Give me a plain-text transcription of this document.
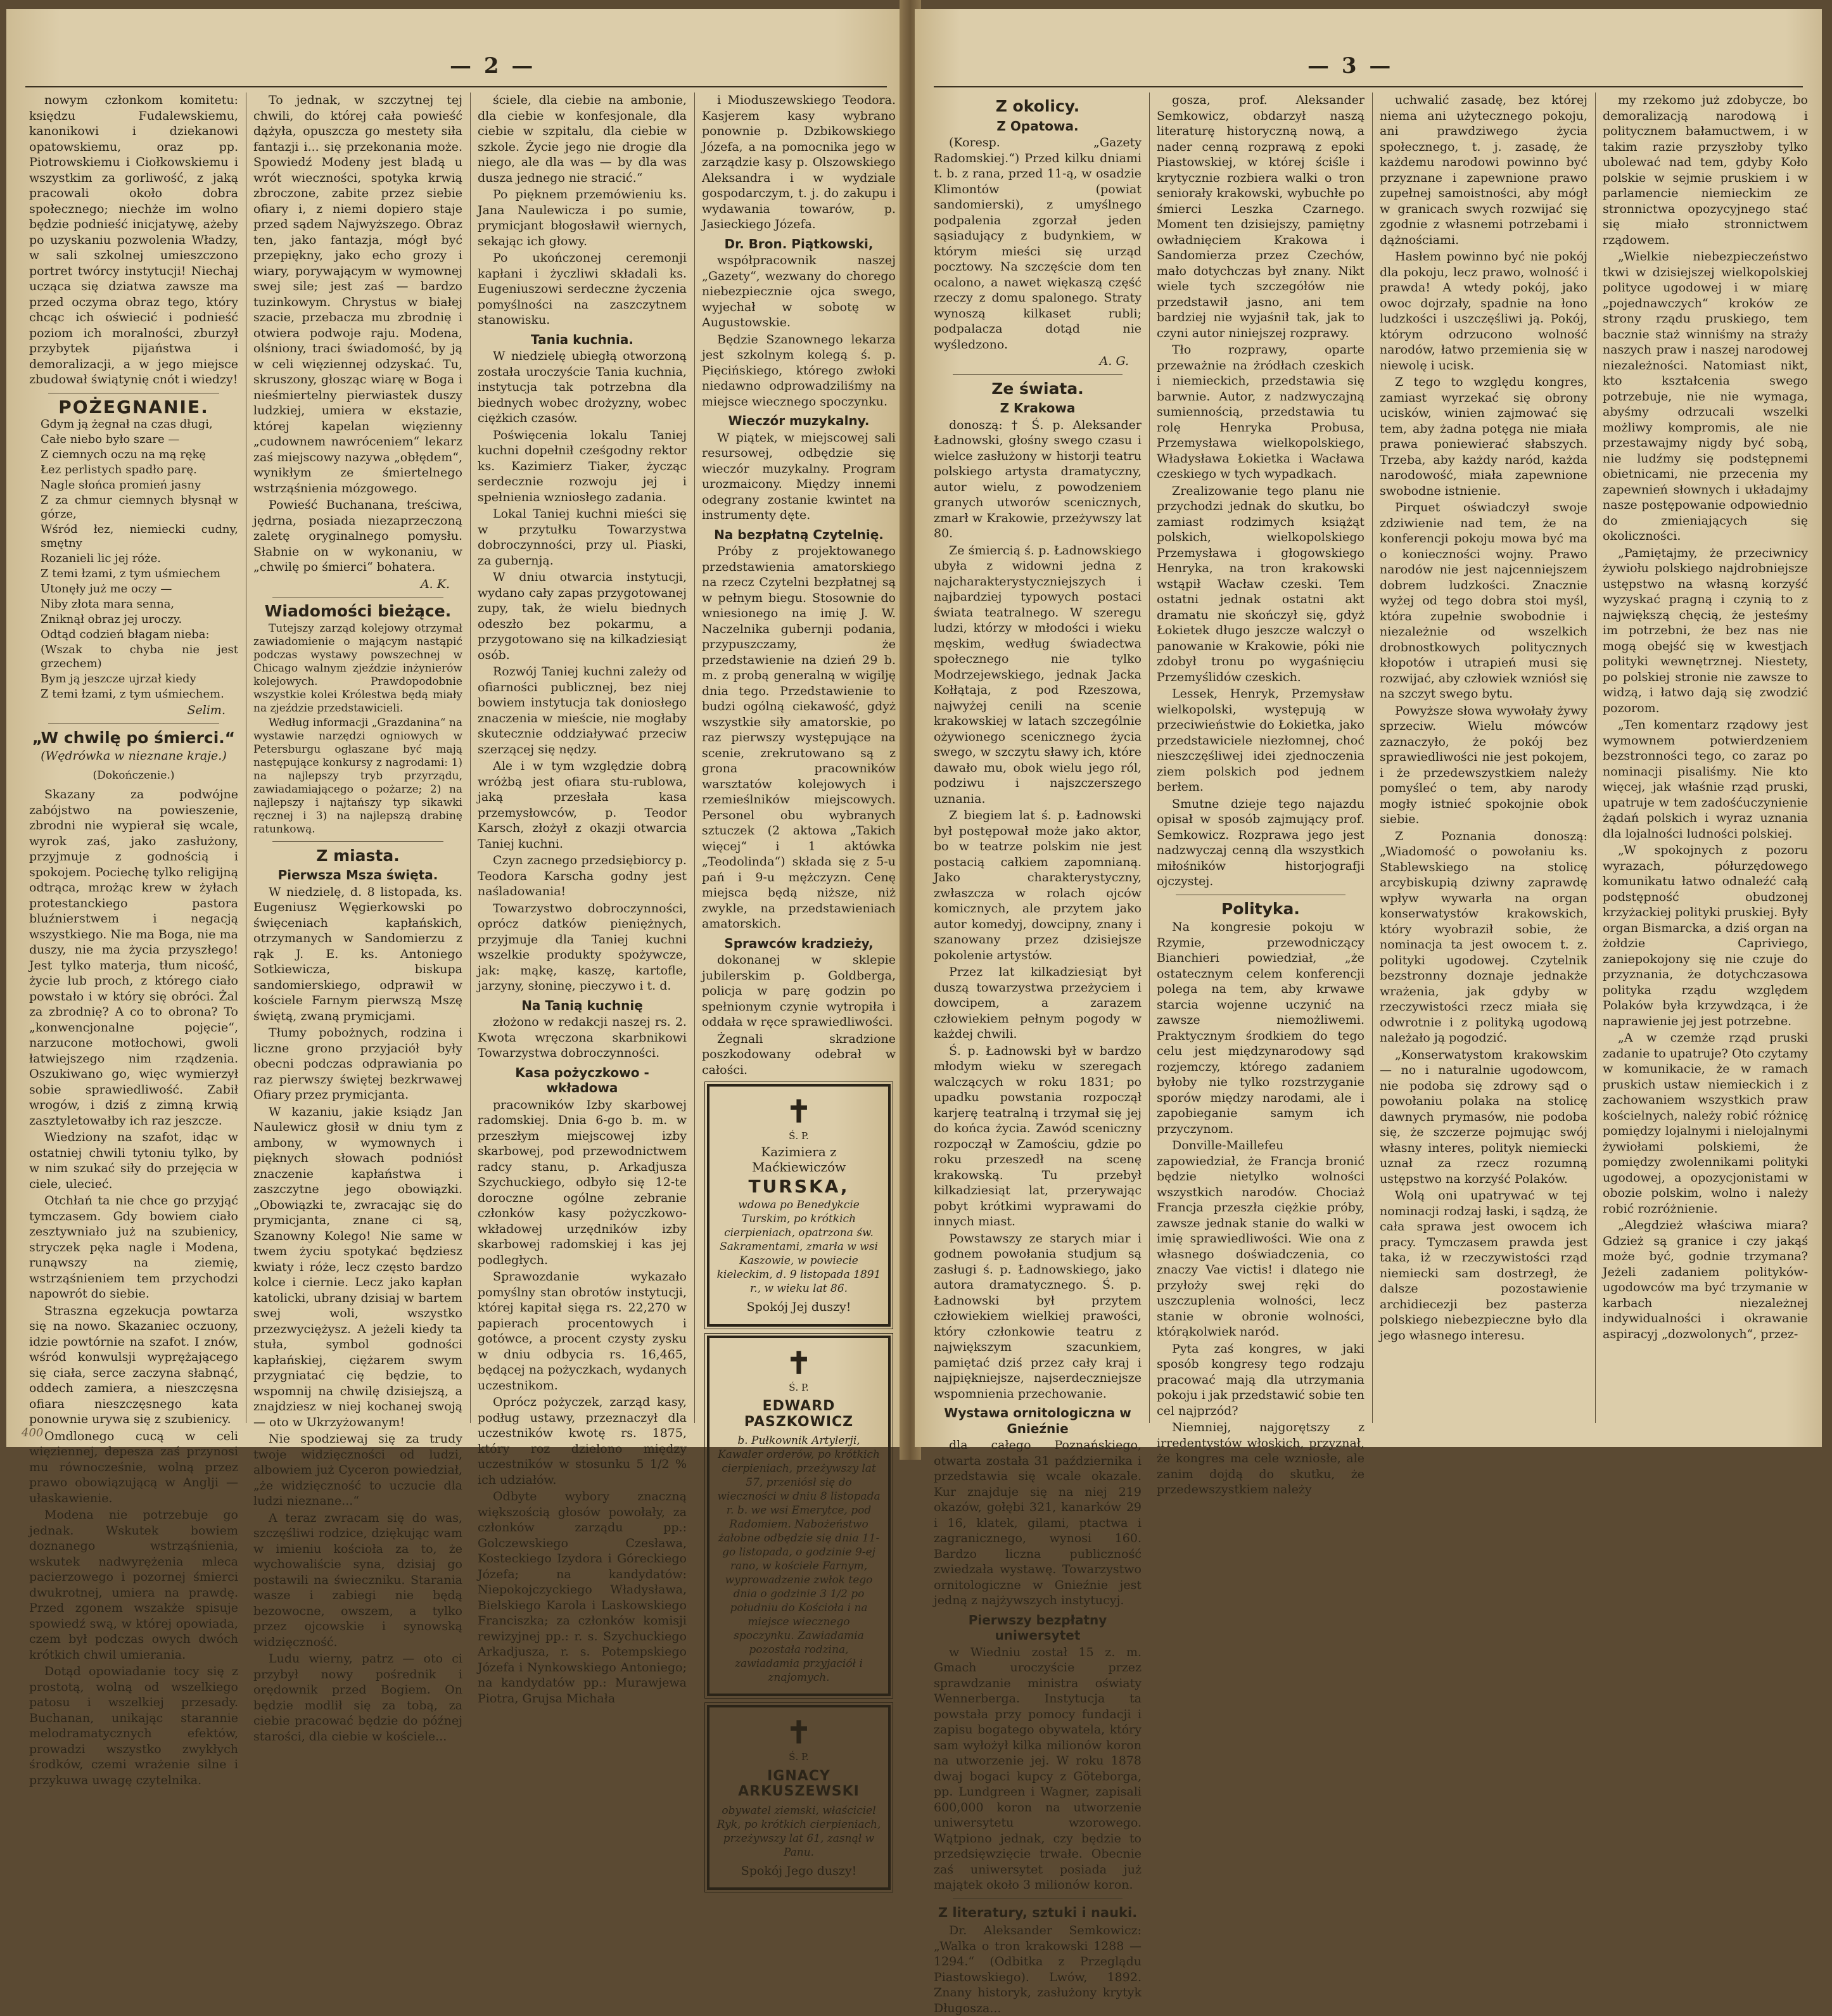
— 2 —

nowym członkom komitetu: księdzu Fudalewskiemu, kanonikowi i dziekanowi opatowskiemu, oraz pp. Piotrowskiemu i Ciołkowskiemu i wszystkim za gorliwość, z jaką pracowali około dobra społecznego; niechże im wolno będzie podnieść inicjatywę, ażeby po uzyskaniu pozwolenia Władzy, w sali szkolnej umieszczono portret twórcy instytucji! Niechaj ucząca się dziatwa zawsze ma przed oczyma obraz tego, który chcąc ich oświecić i podnieść poziom ich moralności, zburzył przybytek pijaństwa i demoralizacji, a w jego miejsce zbudował świątynię cnót i wiedzy!

POŻEGNANIE.

Gdym ją żegnał na czas długi,

Całe niebo było szare —

Z ciemnych oczu na mą rękę

Łez perlistych spadło parę.

Nagle słońca promień jasny

Z za chmur ciemnych błysnął w górze,

Wśród łez, niemiecki cudny, smętny

Rozanieli lic jej róże.

Z temi łzami, z tym uśmiechem

Utonęły już me oczy —

Niby złota mara senna,

Zniknął obraz jej uroczy.

Odtąd codzień błagam nieba:

(Wszak to chyba nie jest grzechem)

Bym ją jeszcze ujrzał kiedy

Z temi łzami, z tym uśmiechem.

Selim.
„W chwilę po śmierci.“
(Wędrówka w nieznane kraje.)
(Dokończenie.)

Skazany za podwójne zabójstwo na powieszenie, zbrodni nie wypierał się wcale, wyrok zaś, jako zasłużony, przyjmuje z godnością i spokojem. Pociechę tylko religijną odtrąca, mrożąc krew w żyłach protestanckiego pastora bluźnierstwem i negacją wszystkiego. Nie ma Boga, nie ma duszy, nie ma życia przyszłego! Jest tylko materja, tłum nicość, życie lub proch, z którego ciało powstało i w który się obróci. Żal za zbrodnię? A co to obrona? To „konwencjonalne pojęcie“, narzucone motłochowi, gwoli łatwiejszego nim rządzenia. Oszukiwano go, więc wymierzył sobie sprawiedliwość. Zabił wrogów, i dziś z zimną krwią zasztyletowałby ich raz jeszcze.

Wiedziony na szafot, idąc w ostatniej chwili tytoniu tylko, by w nim szukać siły do przejęcia w ciele, ulecieć.

Otchłań ta nie chce go przyjąć tymczasem. Gdy bowiem ciało zesztywniało już na szubienicy, stryczek pęka nagle i Modena, runąwszy na ziemię, wstrząśnieniem tem przychodzi napowrót do siebie.

Straszna egzekucja powtarza się na nowo. Skazaniec oczuony, idzie powtórnie na szafot. I znów, wśród konwulsji wyprężającego się ciała, serce zaczyna słabnąć, oddech zamiera, a nieszczęsna ofiara nieszczęsnego kata ponownie urywa się z szubienicy.

Omdlonego cucą w celi więziennej, depesza zaś przynosi mu równocześnie, wolną przez prawo obowiązującą w Anglji — ułaskawienie.

Modena nie potrzebuje go jednak. Wskutek bowiem doznanego wstrząśnienia, wskutek nadwyrężenia mleca pacierzowego i pozornej śmierci dwukrotnej, umiera na prawdę. Przed zgonem wszakże spisuje spowiedź swą, w której opowiada, czem był podczas owych dwóch krótkich chwil umierania.

Dotąd opowiadanie tocy się z prostotą, wolną od wszelkiego patosu i wszelkiej przesady. Buchanan, unikając starannie melodramatycznych efektów, prowadzi wszystko zwykłych środków, czemi wrażenie silne i przykuwa uwagę czytelnika.

To jednak, w szczytnej tej chwili, do której cała powieść dążyła, opuszcza go mestety siła fantazji i... się przekonania może. Spowiedź Modeny jest bladą u wrót wieczności, spotyka krwią zbroczone, zabite przez siebie ofiary i, z niemi dopiero staje przed sądem Najwyższego. Obraz ten, jako fantazja, mógł być przepiękny, jako echo grozy i wiary, porywającym w wymownej swej sile; jest zaś — bardzo tuzinkowym. Chrystus w białej szacie, przebacza mu zbrodnię i otwiera podwoje raju. Modena, olśniony, traci świadomość, by ją w celi więziennej odzyskać. Tu, skruszony, głosząc wiarę w Boga i nieśmiertelny pierwiastek duszy ludzkiej, umiera w ekstazie, której kapelan więzienny „cudownem nawróceniem“ lekarz zaś miejscowy nazywa „obłędem“, wynikłym ze śmiertelnego wstrząśnienia mózgowego.

Powieść Buchanana, treściwa, jędrna, posiada niezaprzeczoną zaletę oryginalnego pomysłu. Słabnie on w wykonaniu, w „chwilę po śmierci“ bohatera.

A. K.
Wiadomości bieżące.

Tutejszy zarząd kolejowy otrzymał zawiadomienie o mającym nastąpić podczas wystawy powszechnej w Chicago walnym zjeździe inżynierów kolejowych. Prawdopodobnie wszystkie kolei Królestwa będą miały na zjeździe przedstawicieli.

Według informacji „Grazdanina“ na wystawie narzędzi ogniowych w Petersburgu ogłaszane być mają następujące konkursy z nagrodami: 1) na najlepszy tryb przyrządu, zawiadamiającego o pożarze; 2) na najlepszy i najtańszy typ sikawki ręcznej i 3) na najlepszą drabinę ratunkową.

Z miasta.
Pierwsza Msza święta.

W niedzielę, d. 8 listopada, ks. Eugeniusz Węgierkowski po święceniach kapłańskich, otrzymanych w Sandomierzu z rąk J. E. ks. Antoniego Sotkiewicza, biskupa sandomierskiego, odprawił w kościele Farnym pierwszą Mszę świętą, zwaną prymicjami.

Tłumy pobożnych, rodzina i liczne grono przyjaciół były obecni podczas odprawiania po raz pierwszy świętej bezkrwawej Ofiary przez prymicjanta.

W kazaniu, jakie ksiądz Jan Naulewicz głosił w dniu tym z ambony, w wymownych i pięknych słowach podniósł znaczenie kapłaństwa i zaszczytne jego obowiązki. „Obowiązki te, zwracając się do prymicjanta, znane ci są, Szanowny Kolego! Nie same w twem życiu spotykać będziesz kwiaty i róże, lecz często bardzo kolce i ciernie. Lecz jako kapłan katolicki, ubrany dzisiaj w bartem swej woli, wszystko przezwyciężysz. A jeżeli kiedy ta stuła, symbol godności kapłańskiej, ciężarem swym przygniatać cię będzie, to wspomnij na chwilę dzisiejszą, a znajdziesz w niej kochanej swoją — oto w Ukrzyżowanym!

Nie spodziewaj się za trudy twoje widzięczności od ludzi, albowiem już Cyceron powiedział, „że widzięczność to uczucie dla ludzi nieznane...“

A teraz zwracam się do was, szczęśliwi rodzice, dziękując wam w imieniu kościoła za to, że wychowaliście syna, dzisiaj go postawili na świeczniku. Starania wasze i zabiegi nie będą bezowocne, owszem, a tylko przez ojcowskie i synowską widzięczność.

Ludu wierny, patrz — oto ci przybył nowy pośrednik i orędownik przed Bogiem. On będzie modlił się za tobą, za ciebie pracować będzie do późnej starości, dla ciebie w kościele...

ściele, dla ciebie na ambonie, dla ciebie w konfesjonale, dla ciebie w szpitalu, dla ciebie w szkole. Życie jego nie drogie dla niego, ale dla was — by dla was dusza jednego nie stracić.“

Po pięknem przemówieniu ks. Jana Naulewicza i po sumie, prymicjant błogosławił wiernych, sekając ich głowy.

Po ukończonej ceremonji kapłani i życzliwi składali ks. Eugeniuszowi serdeczne życzenia pomyślności na zaszczytnem stanowisku.

Tania kuchnia.

W niedzielę ubiegłą otworzoną została uroczyście Tania kuchnia, instytucja tak potrzebna dla biednych wobec drożyzny, wobec ciężkich czasów.

Poświęcenia lokalu Taniej kuchni dopełnił cześgodny rektor ks. Kazimierz Tiaker, życząc serdecznie rozwoju jej i spełnienia wzniosłego zadania.

Lokal Taniej kuchni mieści się w przytułku Towarzystwa dobroczynności, przy ul. Piaski, za gubernją.

W dniu otwarcia instytucji, wydano cały zapas przygotowanej zupy, tak, że wielu biednych odeszło bez pokarmu, a przygotowano się na kilkadziesiąt osób.

Rozwój Taniej kuchni zależy od ofiarności publicznej, bez niej bowiem instytucja tak doniosłego znaczenia w mieście, nie mogłaby skutecznie oddziaływać przeciw szerzącej się nędzy.

Ale i w tym względzie dobrą wróżbą jest ofiara stu-rublowa, jaką przesłała kasa przemysłowców, p. Teodor Karsch, złożył z okazji otwarcia Taniej kuchni.

Czyn zacnego przedsiębiorcy p. Teodora Karscha godny jest naśladowania!

Towarzystwo dobroczynności, oprócz datków pieniężnych, przyjmuje dla Taniej kuchni wszelkie produkty spożywcze, jak: mąkę, kaszę, kartofle, jarzyny, słoninę, pieczywo i t. d.

Na Tanią kuchnię

złożono w redakcji naszej rs. 2. Kwota wręczona skarbnikowi Towarzystwa dobroczynności.

Kasa pożyczkowo - wkładowa

pracowników Izby skarbowej radomskiej. Dnia 6-go b. m. w przeszłym miejscowej izby skarbowej, pod przewodnictwem radcy stanu, p. Arkadjusza Szychuckiego, odbyło się 12-te doroczne ogólne zebranie członków kasy pożyczkowo-wkładowej urzędników izby skarbowej radomskiej i kas jej podległych.

Sprawozdanie wykazało pomyślny stan obrotów instytucji, której kapitał sięga rs. 22,270 w papierach procentowych i gotówce, a procent czysty zysku w dniu odbycia rs. 16,465, będącej na pożyczkach, wydanych uczestnikom.

Oprócz pożyczek, zarząd kasy, podług ustawy, przeznaczył dla uczestników kwotę rs. 1875, który roz dzielono między uczestników w stosunku 5 1/2 % ich udziałów.

Odbyte wybory znaczną większością głosów powołały, za członków zarządu pp.: Golczewskiego Czesława, Kosteckiego Izydora i Góreckiego Józefa; na kandydatów: Niepokojczyckiego Władysława, Bielskiego Karola i Laskowskiego Franciszka; za członków komisji rewizyjnej pp.: r. s. Szychuckiego Arkadjusza, r. s. Potempskiego Józefa i Nynkowskiego Antoniego; na kandydatów pp.: Murawjewa Piotra, Grujsa Michała

i Mioduszewskiego Teodora. Kasjerem kasy wybrano ponownie p. Dzbikowskiego Józefa, a na pomocnika jego w zarządzie kasy p. Olszowskiego Aleksandra i w wydziale gospodarczym, t. j. do zakupu i wydawania towarów, p. Jasieckiego Józefa.

Dr. Bron. Piątkowski,

współpracownik naszej „Gazety“, wezwany do chorego niebezpiecznie ojca swego, wyjechał w sobotę w Augustowskie.

Będzie Szanownego lekarza jest szkolnym kolegą ś. p. Pięcińskiego, którego zwłoki niedawno odprowadziliśmy na miejsce wiecznego spoczynku.

Wieczór muzykalny.

W piątek, w miejscowej sali resursowej, odbędzie się wieczór muzykalny. Program urozmaicony. Między innemi odegrany zostanie kwintet na instrumenty dęte.

Na bezpłatną Czytelnię.

Próby z projektowanego przedstawienia amatorskiego na rzecz Czytelni bezpłatnej są w pełnym biegu. Stosownie do wniesionego na imię J. W. Naczelnika gubernji podania, przypuszczamy, że przedstawienie na dzień 29 b. m. z probą generalną w wigilję dnia tego. Przedstawienie to budzi ogólną ciekawość, gdyż wszystkie siły amatorskie, po raz pierwszy występujące na scenie, zrekrutowano są z grona pracowników warsztatów kolejowych i rzemieślników miejscowych. Personel obu wybranych sztuczek (2 aktowa „Takich więcej“ i 1 aktówka „Teodolinda“) składa się z 5-u pań i 9-u mężczyzn. Cenę miejsca będą niższe, niż zwykle, na przedstawieniach amatorskich.

Sprawców kradzieży,

dokonanej w sklepie jubilerskim p. Goldberga, policja w parę godzin po spełnionym czynie wytropiła i oddała w ręce sprawiedliwości.

Żegnali skradzione poszkodowany odebrał w całości.

✝
Ś. P.
Kazimiera z Maćkiewiczów
TURSKA,
wdowa po Benedykcie Turskim, po krótkich cierpieniach, opatrzona św. Sakramentami, zmarła w wsi Kaszowie, w powiecie kieleckim, d. 9 listopada 1891 r., w wieku lat 86.
Spokój Jej duszy!
✝
Ś. P.
EDWARD PASZKOWICZ
b. Pułkownik Artylerji, Kawaler orderów, po krótkich cierpieniach, przeżywszy lat 57, przeniósł się do wieczności w dniu 8 listopada r. b. we wsi Emerytce, pod Radomiem. Nabożeństwo żałobne odbędzie się dnia 11-go listopada, o godzinie 9-ej rano, w kościele Farnym, wyprowadzenie zwłok tego dnia o godzinie 3 1/2 po południu do Kościoła i na miejsce wiecznego spoczynku. Zawiadamia pozostała rodzina, zawiadamia przyjaciół i znajomych.
✝
Ś. P.
IGNACY ARKUSZEWSKI
obywatel ziemski, właściciel Ryk, po krótkich cierpieniach, przeżywszy lat 61, zasnął w Panu.
Spokój Jego duszy!
400
— 3 —
Z okolicy.
Z Opatowa.

(Koresp. „Gazety Radomskiej.“) Przed kilku dniami t. b. z rana, przed 11-ą, w osadzie Klimontów (powiat sandomierski), z umyślnego podpalenia zgorzał jeden sąsiadujący z budynkiem, w którym mieści się urząd pocztowy. Na szczęście dom ten ocalono, a nawet więkaszą część rzeczy z domu spalonego. Straty wynoszą kilkaset rubli; podpalacza dotąd nie wyśledzono.

A. G.
Ze świata.
Z Krakowa

donoszą: † Ś. p. Aleksander Ładnowski, głośny swego czasu i wielce zasłużony w historji teatru polskiego artysta dramatyczny, autor wielu, z powodzeniem granych utworów scenicznych, zmarł w Krakowie, przeżywszy lat 80.

Ze śmiercią ś. p. Ładnowskiego ubyła z widowni jedna z najcharakterystyczniejszych i najbardziej typowych postaci świata teatralnego. W szeregu ludzi, którzy w młodości i wieku męskim, według świadectwa społecznego nie tylko Modrzejewskiego, jednak Jacka Kołłątaja, z pod Rzeszowa, najwyżej cenili na scenie krakowskiej w latach szczególnie ożywionego scenicznego życia swego, w szczytu sławy ich, które dawało mu, obok wielu jego ról, podziwu i najszczerszego uznania.

Z biegiem lat ś. p. Ładnowski był postępował może jako aktor, bo w teatrze polskim nie jest postacią całkiem zapomnianą. Jako charakterystyczny, zwłaszcza w rolach ojców komicznych, ale przytem jako autor komedyj, dowcipny, znany i szanowany przez dzisiejsze pokolenie artystów.

Przez lat kilkadziesiąt był duszą towarzystwa przeżyciem i dowcipem, a zarazem człowiekiem pełnym pogody w każdej chwili.

Ś. p. Ładnowski był w bardzo młodym wieku w szeregach walczących w roku 1831; po upadku powstania rozpoczął karjerę teatralną i trzymał się jej do końca życia. Zawód sceniczny rozpoczął w Zamościu, gdzie po roku przeszedł na scenę krakowską. Tu przebył kilkadziesiąt lat, przerywając pobyt krótkimi wyprawami do innych miast.

Powstawszy ze starych miar i godnem powołania studjum są zasługi ś. p. Ładnowskiego, jako autora dramatycznego. Ś. p. Ładnowski był przytem człowiekiem wielkiej prawości, który członkowie teatru z największym szacunkiem, pamiętać dziś przez cały kraj i najpiękniejsze, najserdeczniejsze wspomnienia przechowanie.

Wystawa ornitologiczna w Gnieźnie

dla całego Poznańskiego, otwarta została 31 października i przedstawia się wcale okazale. Kur znajduje się na niej 219 okazów, gołębi 321, kanarków 29 i 16, klatek, gilami, ptactwa i zagranicznego, wynosi 160. Bardzo liczna publiczność zwiedzała wystawę. Towarzystwo ornitologiczne w Gnieźnie jest jedną z najżywszych instytucyj.

Pierwszy bezpłatny uniwersytet

w Wiedniu został 15 z. m. Gmach uroczyście przez sprawdzanie ministra oświaty Wennerberga. Instytucja ta powstała przy pomocy fundacji i zapisu bogatego obywatela, który sam wyłożył kilka milionów koron na utworzenie jej. W roku 1878 dwaj bogaci kupcy z Göteborga, pp. Lundgreen i Wagner, zapisali 600,000 koron na utworzenie uniwersytetu wzorowego. Wątpiono jednak, czy będzie to przedsięwzięcie trwałe. Obecnie zaś uniwersytet posiada już majątek około 3 milionów koron.

Z literatury, sztuki i nauki.

Dr. Aleksander Semkowicz: „Walka o tron krakowski 1288 — 1294.“ (Odbitka z Przeglądu Piastowskiego). Lwów, 1892. Znany historyk, zasłużony krytyk Długosza...

gosza, prof. Aleksander Semkowicz, obdarzył naszą literaturę historyczną nową, a nader cenną rozprawą z epoki Piastowskiej, w której ściśle i krytycznie rozbiera walki o tron seniorały krakowski, wybuchłe po śmierci Leszka Czarnego. Moment ten dzisiejszy, pamiętny owładnięciem Krakowa i Sandomierza przez Czechów, mało dotychczas był znany. Nikt wiele tych szczegółów nie przedstawił jasno, ani tem bardziej nie wyjaśnił tak, jak to czyni autor niniejszej rozprawy.

Tło rozprawy, oparte przeważnie na żródłach czeskich i niemieckich, przedstawia się barwnie. Autor, z nadzwyczajną sumiennością, przedstawia tu rolę Henryka Probusa, Przemysława wielkopolskiego, Władysława Łokietka i Wacława czeskiego w tych wypadkach.

Zrealizowanie tego planu nie przychodzi jednak do skutku, bo zamiast rodzimych książąt polskich, wielkopolskiego Przemysława i głogowskiego Henryka, na tron krakowski wstąpił Wacław czeski. Tem ostatni jednak ostatni akt dramatu nie skończył się, gdyż Łokietek długo jeszcze walczył o panowanie w Krakowie, póki nie zdobył tronu po wygaśnięciu Przemyślidów czeskich.

Lessek, Henryk, Przemysław wielkopolski, występują w przeciwieństwie do Łokietka, jako przedstawiciele niezłomnej, choć nieszczęśliwej idei zjednoczenia ziem polskich pod jednem berłem.

Smutne dzieje tego najazdu opisał w sposób zajmujący prof. Semkowicz. Rozprawa jego jest nadzwyczaj cenną dla wszystkich miłośników historjografji ojczystej.

Polityka.

Na kongresie pokoju w Rzymie, przewodniczący Bianchieri powiedział, „że ostatecznym celem konferencji polega na tem, aby krwawe starcia wojenne uczynić na zawsze niemożliwemi. Praktycznym środkiem do tego celu jest międzynarodowy sąd rozjemczy, którego zadaniem byłoby nie tylko rozstrzyganie sporów między narodami, ale i zapobieganie samym ich przyczynom.

Donville-Maillefeu zapowiedział, że Francja bronić będzie nietylko wolności wszystkich narodów. Chociaż Francja przeszła ciężkie próby, zawsze jednak stanie do walki w imię sprawiedliwości. Wie ona z własnego doświadczenia, co znaczy Vae victis! i dlatego nie przyłoży swej ręki do uszczuplenia wolności, lecz stanie w obronie wolności, którąkolwiek naród.

Pyta zaś kongres, w jaki sposób kongresy tego rodzaju pracować mają dla utrzymania pokoju i jak przedstawić sobie ten cel najprzód?

Niemniej, najgorętszy z irredentystów włoskich, przyznał, że kongres ma cele wzniosłe, ale zanim dojdą do skutku, że przedewszystkiem należy

uchwalić zasadę, bez której niema ani użytecznego pokoju, ani prawdziwego życia społecznego, t. j. zasadę, że każdemu narodowi powinno być przyznane i zapewnione prawo zupełnej samoistności, aby mógł w granicach swych rozwijać się zgodnie z własnemi potrzebami i dążnościami.

Hasłem powinno być nie pokój dla pokoju, lecz prawo, wolność i prawda! A wtedy pokój, jako owoc dojrzały, spadnie na łono ludzkości i uszczęśliwi ją. Pokój, którym odrzucono wolność narodów, łatwo przemienia się w niewolę i ucisk.

Z tego to względu kongres, zamiast wyrzekać się obrony ucisków, winien zajmować się tem, aby żadna potęga nie miała prawa poniewierać słabszych. Trzeba, aby każdy naród, każda narodowość, miała zapewnione swobodne istnienie.

Pirquet oświadczył swoje zdziwienie nad tem, że na konferencji pokoju mowa być ma o konieczności wojny. Prawo narodów nie jest najcenniejszem dobrem ludzkości. Znacznie wyżej od tego dobra stoi myśl, która zupełnie swobodnie i niezależnie od wszelkich drobnostkowych politycznych kłopotów i utrapień musi się rozwijać, aby człowiek wzniósł się na szczyt swego bytu.

Powyższe słowa wywołały żywy sprzeciw. Wielu mówców zaznaczyło, że pokój bez sprawiedliwości nie jest pokojem, i że przedewszystkiem należy pomyśleć o tem, aby narody mogły istnieć spokojnie obok siebie.

Z Poznania donoszą: „Wiadomość o powołaniu ks. Stablewskiego na stolicę arcybiskupią dziwny zaprawdę wpływ wywarła na organ konserwatystów krakowskich, który wyobraził sobie, że nominacja ta jest owocem t. z. polityki ugodowej. Czytelnik bezstronny doznaje jednakże wrażenia, jak gdyby w rzeczywistości rzecz miała się odwrotnie i z polityką ugodową należało ją pogodzić.

„Konserwatystom krakowskim — no i naturalnie ugodowcom, nie podoba się zdrowy sąd o powołaniu polaka na stolicę dawnych prymasów, nie podoba się, że szczerze pojmując swój własny interes, polityk niemiecki uznał za rzecz rozumną ustępstwo na korzyść Polaków.

Wolą oni upatrywać w tej nominacji rodzaj łaski, i sądzą, że cała sprawa jest owocem ich pracy. Tymczasem prawda jest taka, iż w rzeczywistości rząd niemiecki sam dostrzegł, że dalsze pozostawienie archidiecezji bez pasterza polskiego niebezpieczne było dla jego własnego interesu.

my rzekomo już zdobycze, bo demoralizacją narodową i politycznem bałamuctwem, i w takim razie przyszłoby tylko ubolewać nad tem, gdyby Koło polskie w sejmie pruskiem i w parlamencie niemieckim ze stronnictwa opozycyjnego stać się miało stronnictwem rządowem.

„Wielkie niebezpieczeństwo tkwi w dzisiejszej wielkopolskiej polityce ugodowej i w miarę „pojednawczych“ kroków ze strony rządu pruskiego, tem bacznie staż winniśmy na straży naszych praw i naszej narodowej niezależności. Natomiast nikt, kto kształcenia swego potrzebuje, nie nie wymaga, abyśmy odrzucali wszelki możliwy kompromis, ale nie przestawajmy nigdy być sobą, nie ludźmy się podstępnemi obietnicami, nie przecenia my zapewnień słownych i układajmy nasze postępowanie odpowiednio do zmieniających się okoliczności.

„Pamiętajmy, że przeciwnicy żywiołu polskiego najdrobniejsze ustępstwo na własną korzyść wyzyskać pragną i czynią to z największą chęcią, że jesteśmy im potrzebni, że bez nas nie mogą obejść się w kwestjach polityki wewnętrznej. Niestety, po polskiej stronie nie zawsze to widzą, i łatwo dają się zwodzić pozorom.

„Ten komentarz rządowy jest wymownem potwierdzeniem bezstronności tego, co zaraz po nominacji pisaliśmy. Nie kto więcej, jak właśnie rząd pruski, upatruje w tem zadośćuczynienie żądań polskich i wyraz uznania dla lojalności ludności polskiej.

„W spokojnych z pozoru wyrazach, półurzędowego komunikatu łatwo odnaleźć całą podstępność obudzonej krzyżackiej polityki pruskiej. Były organ Bismarcka, a dziś organ na żołdzie Capriviego, zaniepokojony się nie czuje do przyznania, że dotychczasowa polityka rządu względem Polaków była krzywdząca, i że naprawienie jej jest potrzebne.

„A w czemże rząd pruski zadanie to upatruje? Oto czytamy w komunikacie, że w ramach pruskich ustaw niemieckich i z zachowaniem wszystkich praw kościelnych, należy robić różnicę pomiędzy lojalnymi i nielojalnymi żywiołami polskiemi, że pomiędzy zwolennikami polityki ugodowej, a opozycjonistami w obozie polskim, wolno i należy robić rozróżnienie.

„Alegdzież właściwa miara? Gdzież są granice i czy jakąś może być, godnie trzymana? Jeżeli zadaniem polityków-ugodowców ma być trzymanie w karbach niezależnej indywidualności i okrawanie aspiracyj „dozwolonych“, przez-
